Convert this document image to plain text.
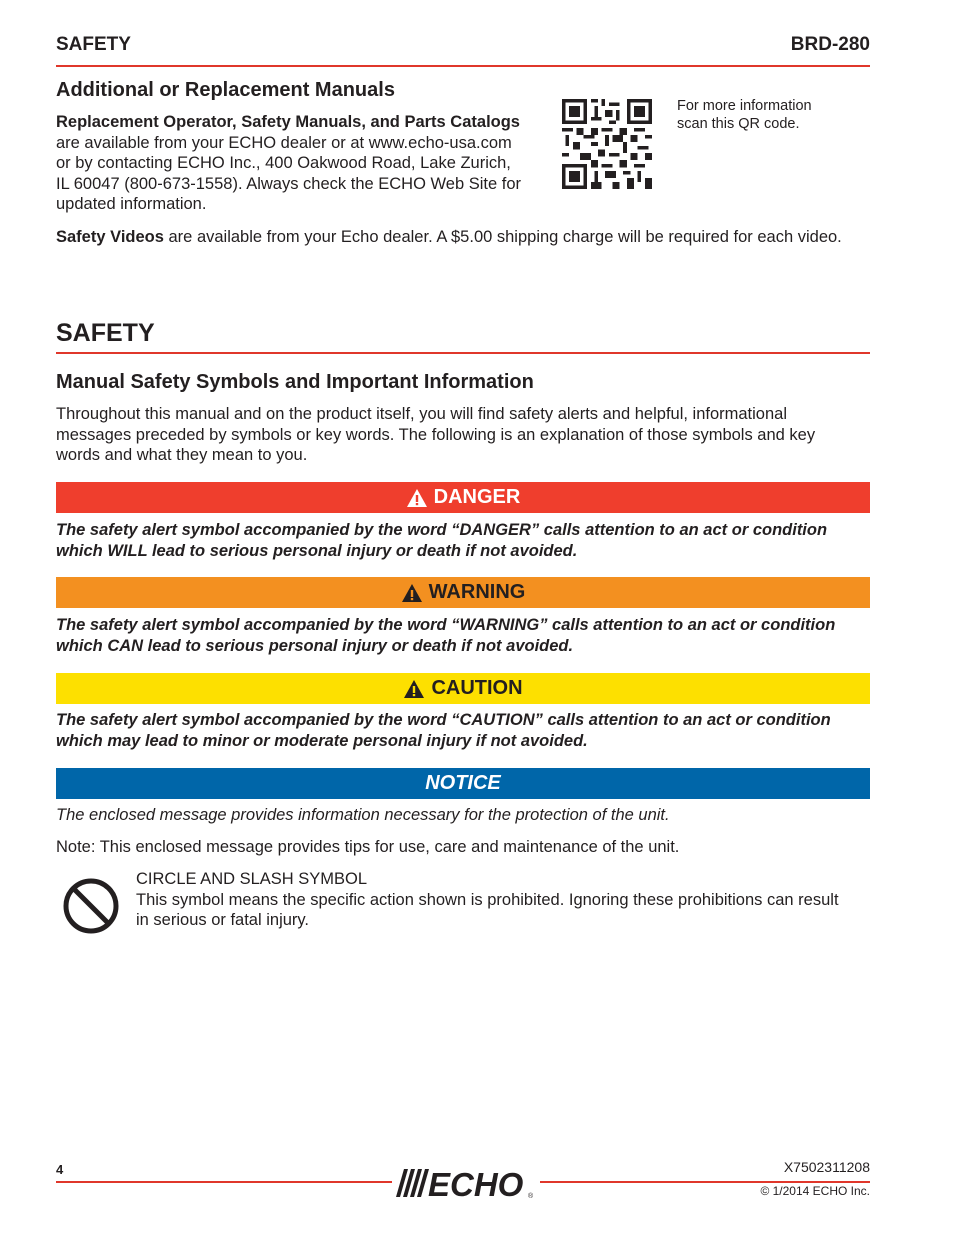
SAFETY	BRD-280
Additional or Replacement Manuals
Replacement Operator, Safety Manuals, and Parts Catalogs
are available from your ECHO dealer or at www.echo-usa.com
or by contacting ECHO Inc., 400 Oakwood Road, Lake Zurich,
IL 60047 (800-673-1558). Always check the ECHO Web Site for
updated information.
For more information
scan this QR code.
Safety Videos are available from your Echo dealer. A $5.00 shipping charge will be required for each video.
SAFETY
Manual Safety Symbols and Important Information
Throughout this manual and on the product itself, you will find safety alerts and helpful, informational
messages preceded by symbols or key words. The following is an explanation of those symbols and key
words and what they mean to you.
DANGER
The safety alert symbol accompanied by the word “DANGER” calls attention to an act or condition
which WILL lead to serious personal injury or death if not avoided.
WARNING
The safety alert symbol accompanied by the word “WARNING” calls attention to an act or condition
which CAN lead to serious personal injury or death if not avoided.
CAUTION
The safety alert symbol accompanied by the word “CAUTION” calls attention to an act or condition
which may lead to minor or moderate personal injury if not avoided.
NOTICE
The enclosed message provides information necessary for the protection of the unit.
Note: This enclosed message provides tips for use, care and maintenance of the unit.
CIRCLE AND SLASH SYMBOL
This symbol means the specific action shown is prohibited. Ignoring these prohibitions can result
in serious or fatal injury.
4	ECHO ®
X7502311208
© 1/2014 ECHO Inc.
